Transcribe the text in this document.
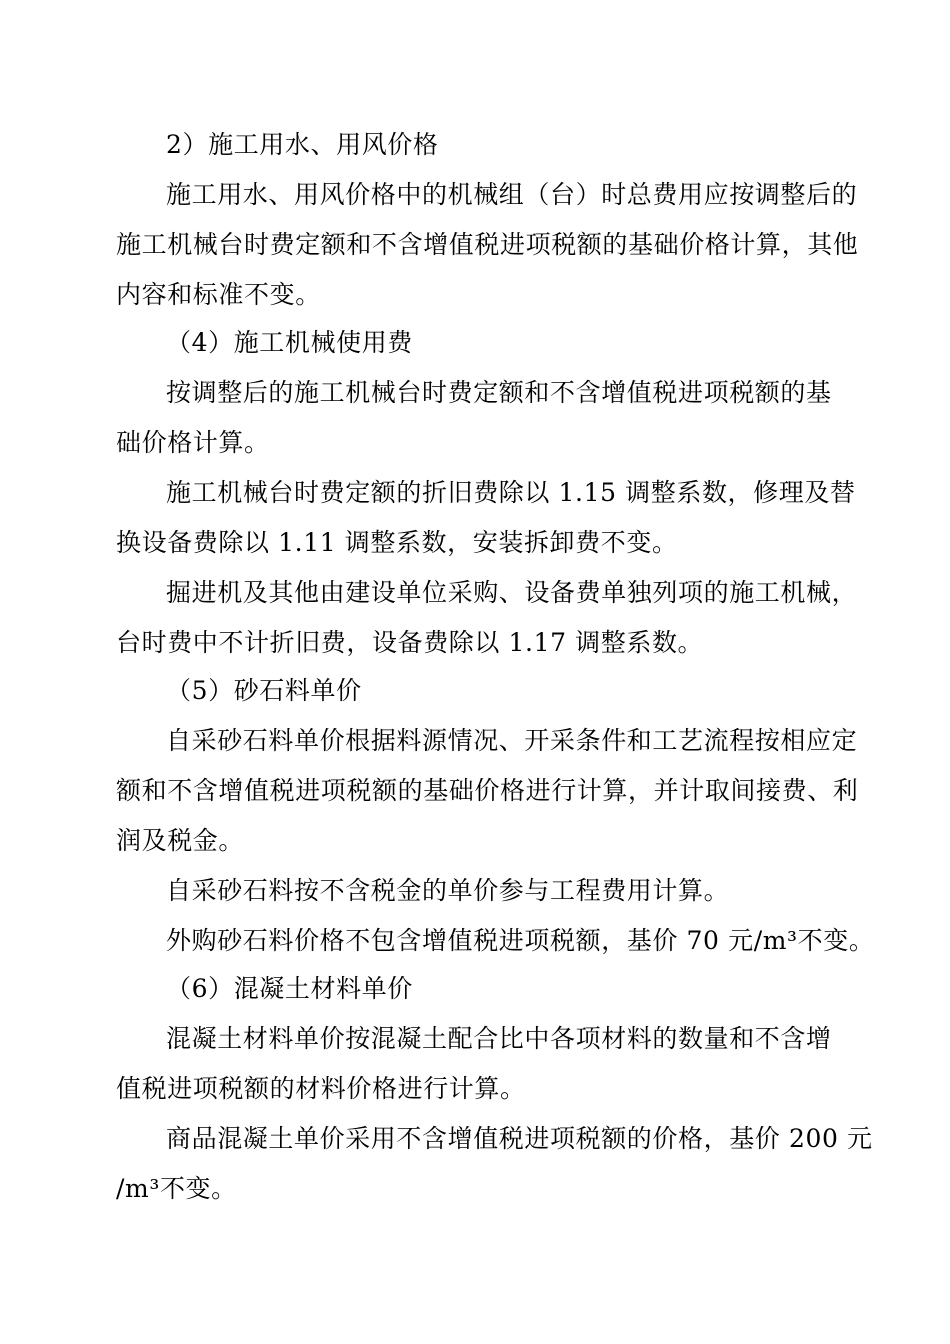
2）施工用水、用风价格
施工用水、用风价格中的机械组（台）时总费用应按调整后的
施工机械台时费定额和不含增值税进项税额的基础价格计算，其他
内容和标准不变。
（4）施工机械使用费
按调整后的施工机械台时费定额和不含增值税进项税额的基
础价格计算。
施工机械台时费定额的折旧费除以 1.15 调整系数，修理及替
换设备费除以 1.11 调整系数，安装拆卸费不变。
掘进机及其他由建设单位采购、设备费单独列项的施工机械，
台时费中不计折旧费，设备费除以 1.17 调整系数。
（5）砂石料单价
自采砂石料单价根据料源情况、开采条件和工艺流程按相应定
额和不含增值税进项税额的基础价格进行计算，并计取间接费、利
润及税金。
自采砂石料按不含税金的单价参与工程费用计算。
外购砂石料价格不包含增值税进项税额，基价 70 元/m³不变。
（6）混凝土材料单价
混凝土材料单价按混凝土配合比中各项材料的数量和不含增
值税进项税额的材料价格进行计算。
商品混凝土单价采用不含增值税进项税额的价格，基价 200 元
/m³不变。
